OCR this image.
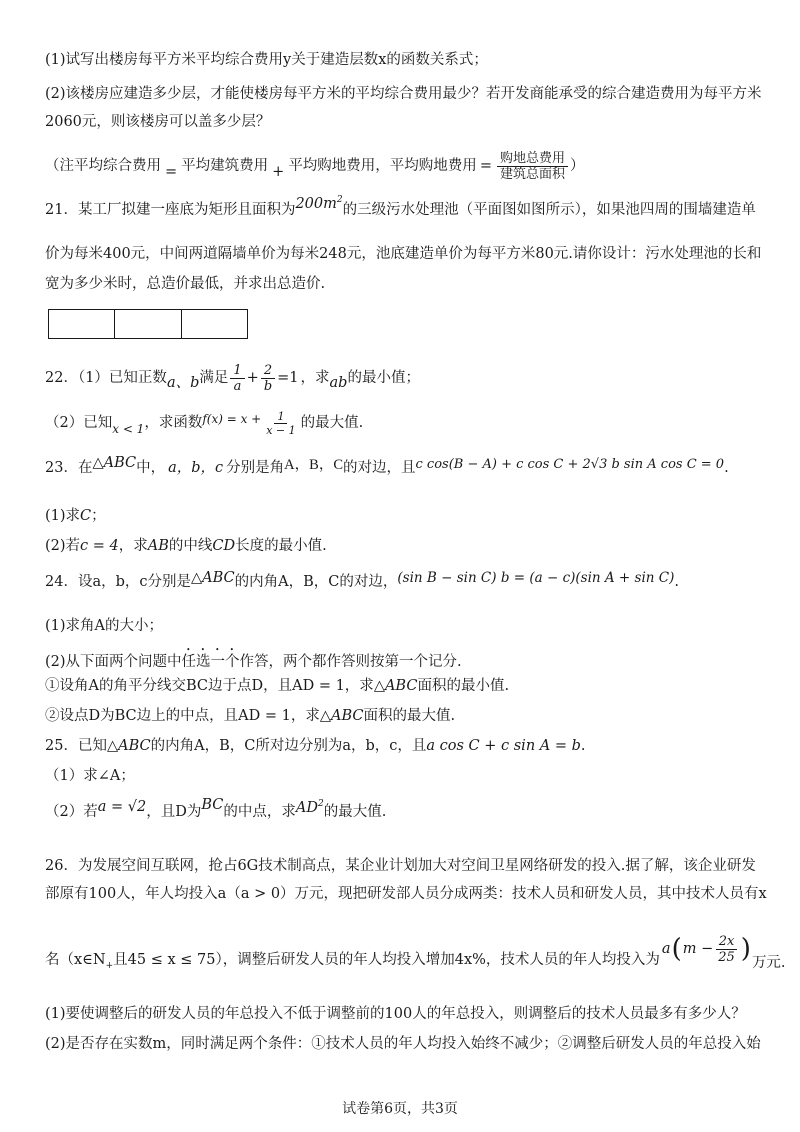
(1)试写出楼房每平方米平均综合费用y关于建造层数x的函数关系式；
(2)该楼房应建造多少层，才能使楼房每平方米的平均综合费用最少？若开发商能承受的综合建造费用为每平方米
2060元，则该楼房可以盖多少层？
（注平均综合费用 = 平均建筑费用 + 平均购地费用，平均购地费用 = $\frac{\text{购地总费用}}{\text{建筑总面积}}$ ）
21．某工厂拟建一座底为矩形且面积为$200m^2$的三级污水处理池（平面图如图所示），如果池四周的围墙建造单
价为每米400元，中间两道隔墙单价为每米248元，池底建造单价为每平方米80元.请你设计：污水处理池的长和
宽为多少米时，总造价最低，并求出总造价.
22．（1）已知正数 a、b 满足 $\frac{1}{a} + \frac{2}{b} =1$ ，求 ab 的最小值；
（2）已知 x < 1 ，求函数 $f(x) = x + \frac{1}{x - 1}$ 的最大值.
23．在△ABC中， a，b，c 分别是角A，B，C的对边，且c cos(B − A) + c cos C + 2√3 b sin A cos C = 0.
(1)求C；
(2)若c = 4，求AB的中线CD长度的最小值.
24．设a，b，c分别是△ABC的内角A，B，C的对边，(sin B − sin C) b = (a − c)(sin A + sin C).
(1)求角A的大小；
(2)从下面两个问题中任选一个作答，两个都作答则按第一个记分.
①设角A的角平分线交BC边于点D，且AD = 1，求△ABC面积的最小值.
②设点D为BC边上的中点，且AD = 1，求△ABC面积的最大值.
25．已知△ABC的内角A，B，C所对边分别为a，b，c，且a cos C + c sin A = b.
（1）求∠A；
（2）若a = √2，且D为BC的中点，求$AD^2$的最大值.
26．为发展空间互联网，抢占6G技术制高点，某企业计划加大对空间卫星网络研发的投入.据了解，该企业研发
部原有100人，年人均投入a（a > 0）万元，现把研发部人员分成两类：技术人员和研发人员，其中技术人员有x
名（$x\in N_+$且45 ≤ x ≤ 75），调整后研发人员的年人均投入增加4x%，技术人员的年人均投入为
a ( $m - \frac{2x}{25}$ ) 万元.
(1)要使调整后的研发人员的年总投入不低于调整前的100人的年总投入，则调整后的技术人员最多有多少人？
(2)是否存在实数m，同时满足两个条件：①技术人员的年人均投入始终不减少；②调整后研发人员的年总投入始
试卷第6页，共3页
